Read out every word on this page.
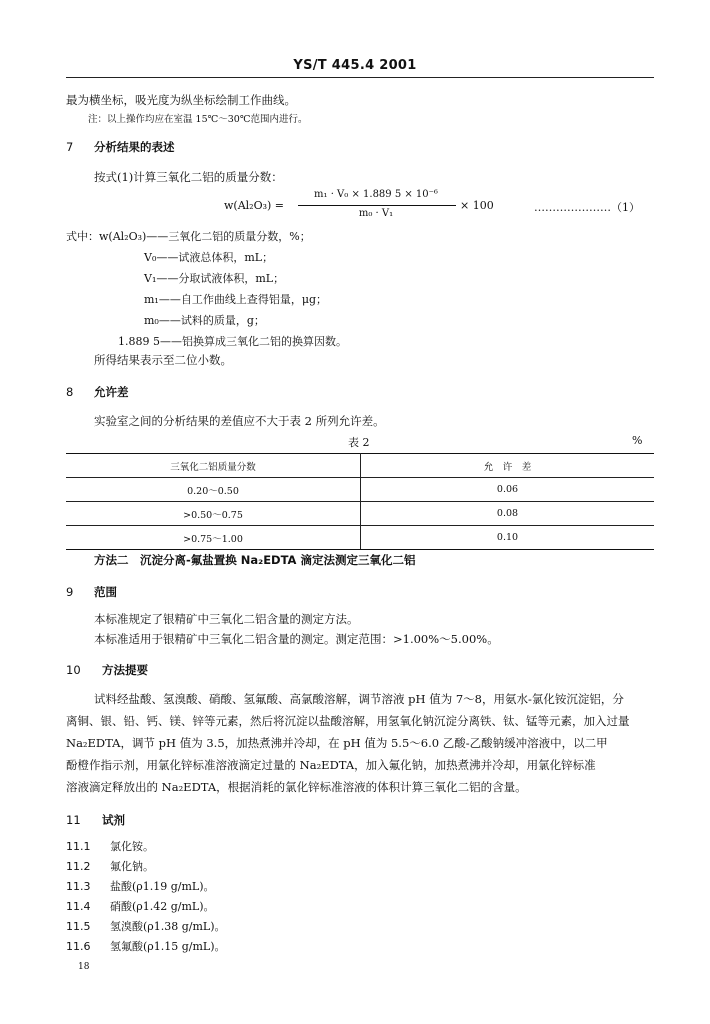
YS/T 445.4 2001
最为横坐标，吸光度为纵坐标绘制工作曲线。
注：以上操作均应在室温 15℃～30℃范围内进行。
7 分析结果的表述
按式(1)计算三氧化二铝的质量分数：
w(Al₂O₃) =
m₁ · V₀ × 1.889 5 × 10⁻⁶
m₀ · V₁
× 100	…………………（1）
式中：w(Al₂O₃)——三氧化二铝的质量分数，%；
V₀——试液总体积，mL；
V₁——分取试液体积，mL；
m₁——自工作曲线上查得铝量，μg；
m₀——试料的质量，g；
1.889 5——铝换算成三氧化二铝的换算因数。
所得结果表示至二位小数。
8 允许差
实验室之间的分析结果的差值应不大于表 2 所列允许差。
表 2	%
三氧化二铝质量分数	允　许　差
0.20～0.50	0.06
>0.50～0.75	0.08
>0.75～1.00	0.10
方法二　 沉淀分离-氟盐置换 Na₂EDTA 滴定法测定三氧化二铝
9 范围
本标准规定了银精矿中三氧化二铝含量的测定方法。
本标准适用于银精矿中三氧化二铝含量的测定。测定范围：>1.00%～5.00%。
10 方法提要
试料经盐酸、氢溴酸、硝酸、氢氟酸、高氯酸溶解，调节溶液 pH 值为 7～8，用氨水-氯化铵沉淀铝，分
离铜、银、铅、钙、镁、锌等元素，然后将沉淀以盐酸溶解，用氢氧化钠沉淀分离铁、钛、锰等元素，加入过量
Na₂EDTA，调节 pH 值为 3.5，加热煮沸并冷却，在 pH 值为 5.5～6.0 乙酸-乙酸钠缓冲溶液中，以二甲
酚橙作指示剂，用氯化锌标准溶液滴定过量的 Na₂EDTA，加入氟化钠，加热煮沸并冷却，用氯化锌标准
溶液滴定释放出的 Na₂EDTA，根据消耗的氯化锌标准溶液的体积计算三氧化二铝的含量。
11 试剂
11.1 氯化铵。
11.2 氟化钠。
11.3 盐酸(ρ1.19 g/mL)。
11.4 硝酸(ρ1.42 g/mL)。
11.5 氢溴酸(ρ1.38 g/mL)。
11.6 氢氟酸(ρ1.15 g/mL)。
18
